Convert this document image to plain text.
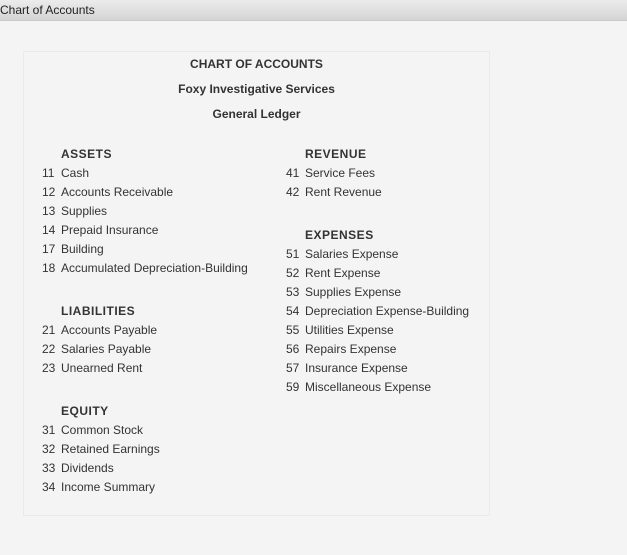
Chart of Accounts
CHART OF ACCOUNTS
Foxy Investigative Services
General Ledger
ASSETS
11 Cash
12 Accounts Receivable
13 Supplies
14 Prepaid Insurance
17 Building
18 Accumulated Depreciation-Building
LIABILITIES
21 Accounts Payable
22 Salaries Payable
23 Unearned Rent
EQUITY
31 Common Stock
32 Retained Earnings
33 Dividends
34 Income Summary
REVENUE
41 Service Fees
42 Rent Revenue
EXPENSES
51 Salaries Expense
52 Rent Expense
53 Supplies Expense
54 Depreciation Expense-Building
55 Utilities Expense
56 Repairs Expense
57 Insurance Expense
59 Miscellaneous Expense
